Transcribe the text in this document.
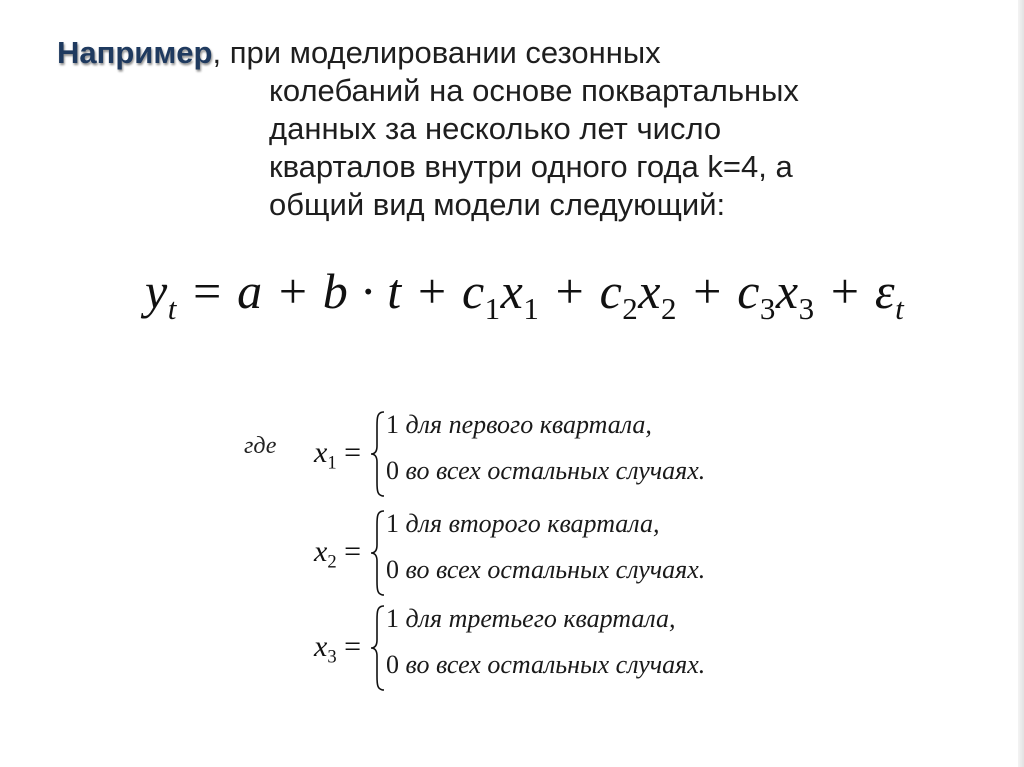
Например, при моделировании сезонных
колебаний на основе поквартальных
данных за несколько лет число
кварталов внутри одного года k=4, а
общий вид модели следующий:
$y_t = a + b \cdot t + c_1x_1 + c_2x_2 + c_3x_3 + \varepsilon_t$
где $x_1$ =
1 для первого квартала,
0 во всех остальных случаях.
$x_2$ =
1 для второго квартала,
0 во всех остальных случаях.
$x_3$ =
1 для третьего квартала,
0 во всех остальных случаях.
